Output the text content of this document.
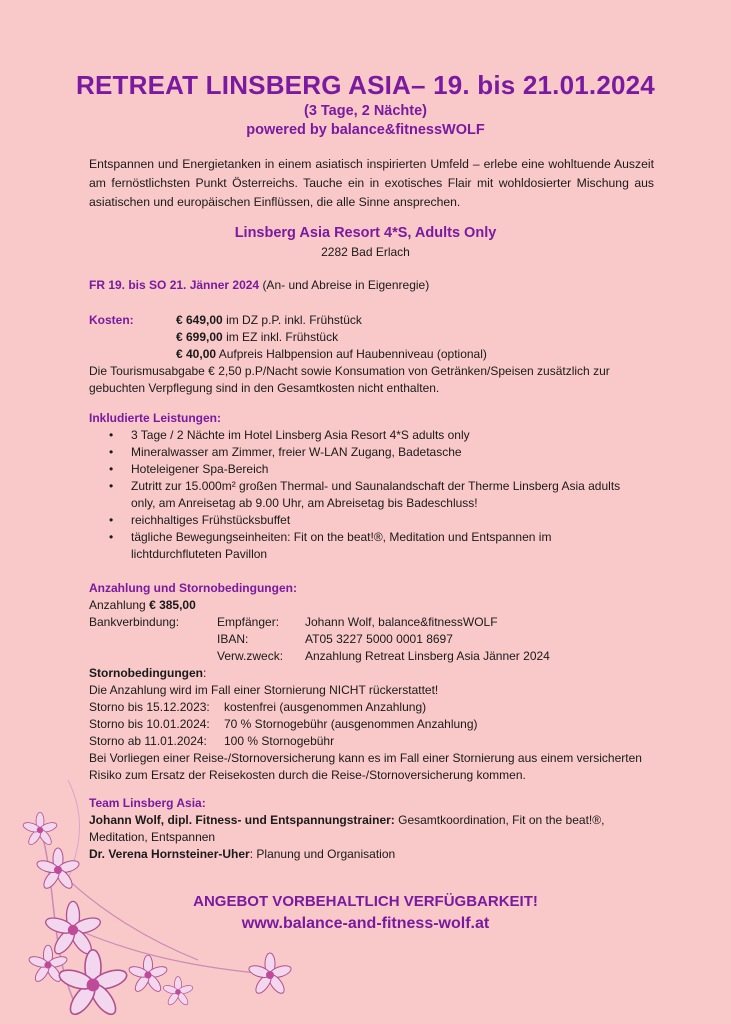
RETREAT LINSBERG ASIA– 19. bis 21.01.2024
(3 Tage, 2 Nächte)
powered by balance&fitnessWOLF
Entspannen und Energietanken in einem asiatisch inspirierten Umfeld – erlebe eine wohltuende Auszeit am fernöstlichsten Punkt Österreichs. Tauche ein in exotisches Flair mit wohldosierter Mischung aus asiatischen und europäischen Einflüssen, die alle Sinne ansprechen.
Linsberg Asia Resort 4*S, Adults Only
2282 Bad Erlach
FR 19. bis SO 21. Jänner 2024 (An- und Abreise in Eigenregie)
Kosten:	€ 649,00 im DZ p.P. inkl. Frühstück
€ 699,00 im EZ inkl. Frühstück
€ 40,00 Aufpreis Halbpension auf Haubenniveau (optional)
Die Tourismusabgabe € 2,50 p.P/Nacht sowie Konsumation von Getränken/Speisen zusätzlich zur gebuchten Verpflegung sind in den Gesamtkosten nicht enthalten.
Inkludierte Leistungen:
• 3 Tage / 2 Nächte im Hotel Linsberg Asia Resort 4*S adults only
• Mineralwasser am Zimmer, freier W-LAN Zugang, Badetasche
• Hoteleigener Spa-Bereich
• Zutritt zur 15.000m² großen Thermal- und Saunalandschaft der Therme Linsberg Asia adults only, am Anreisetag ab 9.00 Uhr, am Abreisetag bis Badeschluss!
• reichhaltiges Frühstücksbuffet
• tägliche Bewegungseinheiten: Fit on the beat!®, Meditation und Entspannen im lichtdurchfluteten Pavillon
Anzahlung und Stornobedingungen:
Anzahlung € 385,00
Bankverbindung:	Empfänger:	Johann Wolf, balance&fitnessWOLF
IBAN:	AT05 3227 5000 0001 8697
Verw.zweck:	Anzahlung Retreat Linsberg Asia Jänner 2024
Stornobedingungen:
Die Anzahlung wird im Fall einer Stornierung NICHT rückerstattet!
Storno bis 15.12.2023:	kostenfrei (ausgenommen Anzahlung)
Storno bis 10.01.2024:	70 % Stornogebühr (ausgenommen Anzahlung)
Storno ab 11.01.2024:	100 % Stornogebühr
Bei Vorliegen einer Reise-/Stornoversicherung kann es im Fall einer Stornierung aus einem versicherten Risiko zum Ersatz der Reisekosten durch die Reise-/Stornoversicherung kommen.
Team Linsberg Asia:
Johann Wolf, dipl. Fitness- und Entspannungstrainer: Gesamtkoordination, Fit on the beat!®, Meditation, Entspannen
Dr. Verena Hornsteiner-Uher: Planung und Organisation
ANGEBOT VORBEHALTLICH VERFÜGBARKEIT!
www.balance-and-fitness-wolf.at
